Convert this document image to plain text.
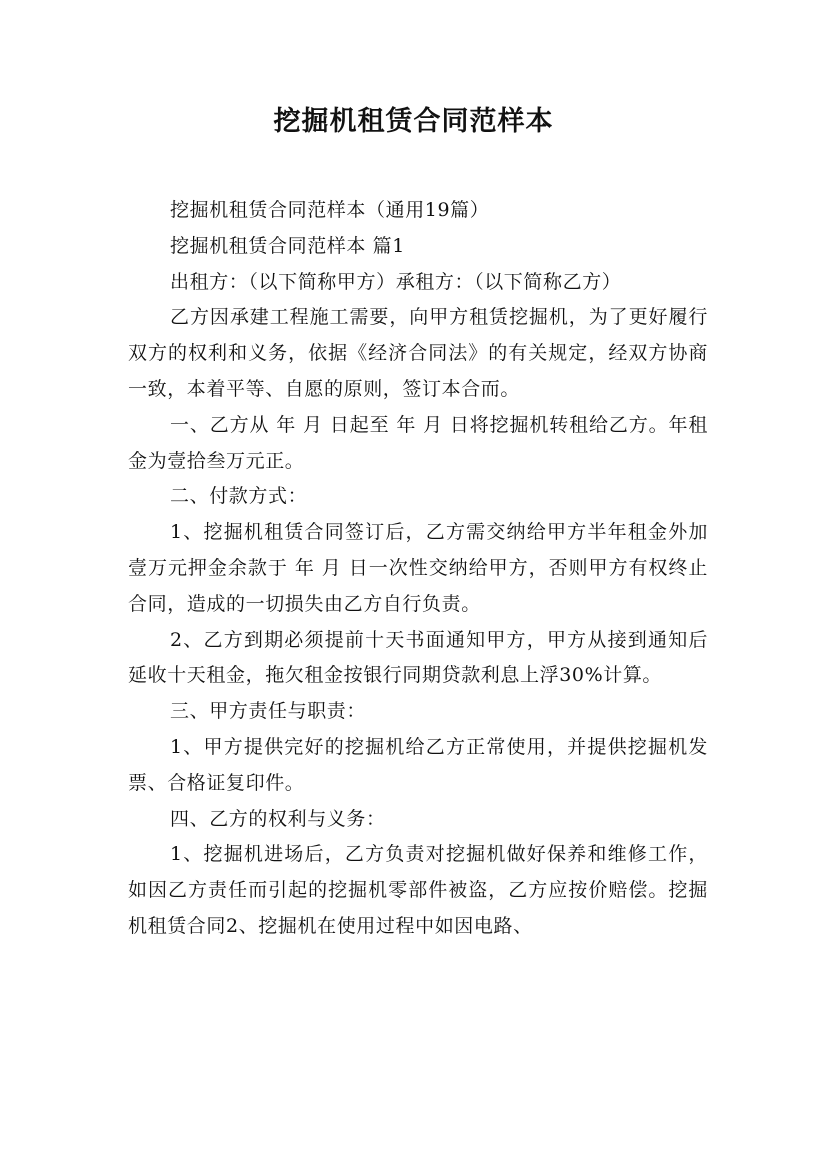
挖掘机租赁合同范样本

挖掘机租赁合同范样本（通用19篇）

挖掘机租赁合同范样本 篇1

出租方：（以下简称甲方）承租方：（以下简称乙方）

乙方因承建工程施工需要，向甲方租赁挖掘机，为了更好履行双方的权利和义务，依据《经济合同法》的有关规定，经双方协商一致，本着平等、自愿的原则，签订本合而。

一、乙方从 年 月 日起至 年 月 日将挖掘机转租给乙方。年租金为壹拾叁万元正。

二、付款方式：

1、挖掘机租赁合同签订后，乙方需交纳给甲方半年租金外加壹万元押金余款于 年 月 日一次性交纳给甲方，否则甲方有权终止合同，造成的一切损失由乙方自行负责。

2、乙方到期必须提前十天书面通知甲方，甲方从接到通知后延收十天租金，拖欠租金按银行同期贷款利息上浮30%计算。

三、甲方责任与职责：

1、甲方提供完好的挖掘机给乙方正常使用，并提供挖掘机发票、合格证复印件。

四、乙方的权利与义务：

1、挖掘机进场后，乙方负责对挖掘机做好保养和维修工作，如因乙方责任而引起的挖掘机零部件被盗，乙方应按价赔偿。挖掘机租赁合同2、挖掘机在使用过程中如因电路、
